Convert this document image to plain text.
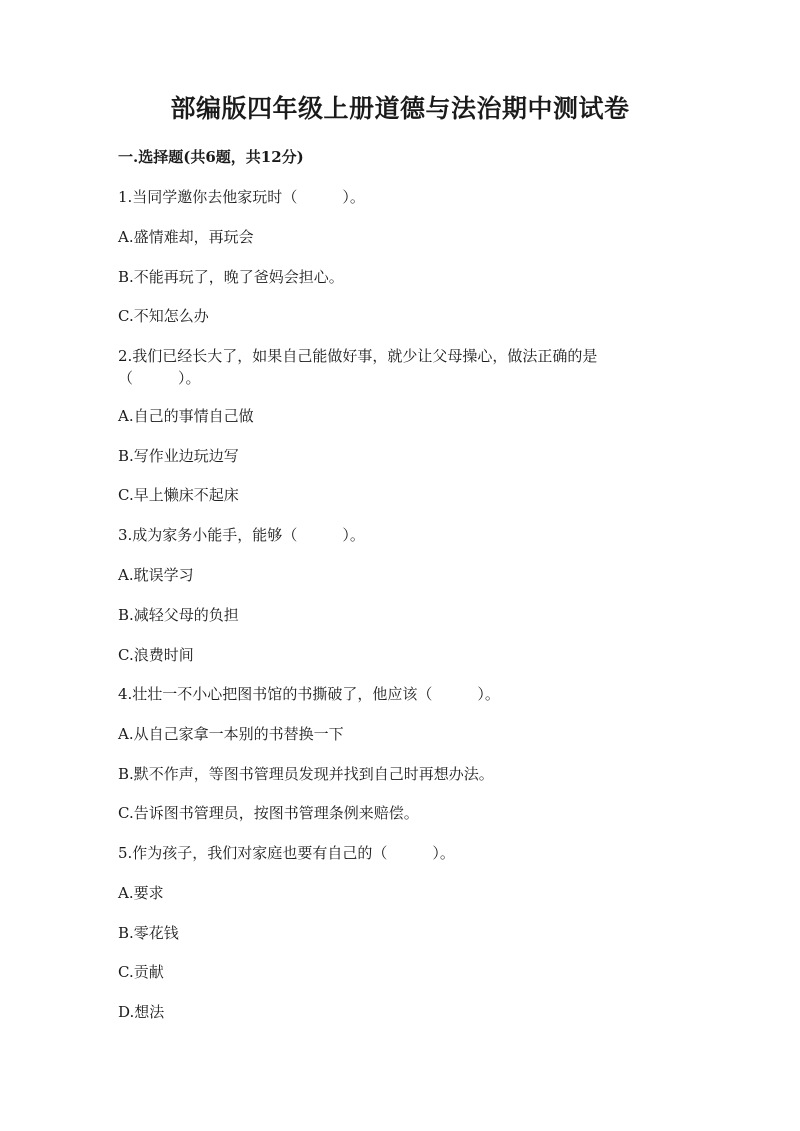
部编版四年级上册道德与法治期中测试卷
一.选择题(共6题，共12分)
1.当同学邀你去他家玩时（　　　）。
A.盛情难却，再玩会
B.不能再玩了，晚了爸妈会担心。
C.不知怎么办
2.我们已经长大了，如果自己能做好事，就少让父母操心，做法正确的是（　　　）。
A.自己的事情自己做
B.写作业边玩边写
C.早上懒床不起床
3.成为家务小能手，能够（　　　）。
A.耽误学习
B.减轻父母的负担
C.浪费时间
4.壮壮一不小心把图书馆的书撕破了，他应该（　　　）。
A.从自己家拿一本别的书替换一下
B.默不作声，等图书管理员发现并找到自己时再想办法。
C.告诉图书管理员，按图书管理条例来赔偿。
5.作为孩子，我们对家庭也要有自己的（　　　）。
A.要求
B.零花钱
C.贡献
D.想法
